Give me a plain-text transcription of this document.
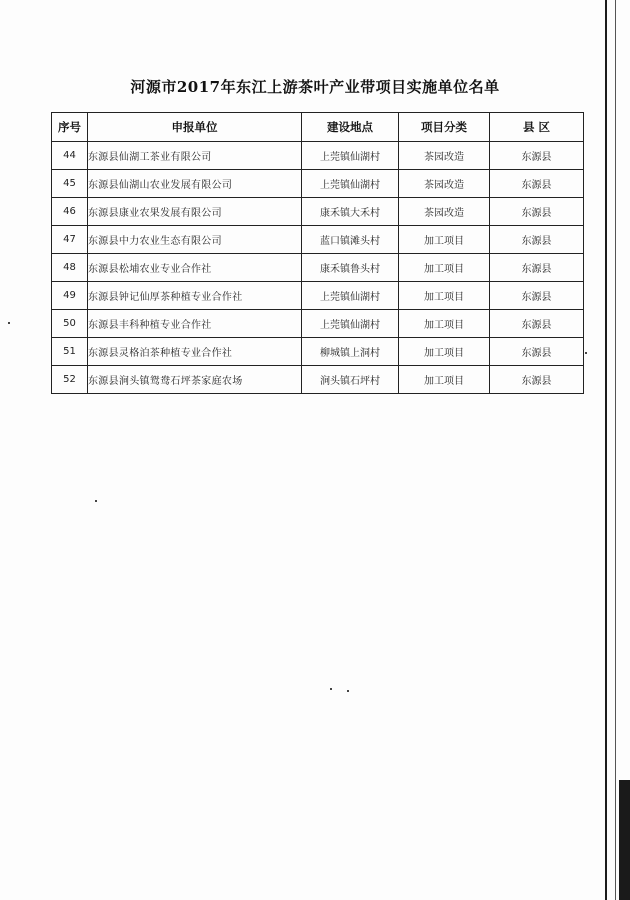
河源市2017年东江上游茶叶产业带项目实施单位名单
序号	申报单位	建设地点	项目分类	县 区
44	东源县仙湖工茶业有限公司	上莞镇仙湖村	茶园改造	东源县
45	东源县仙湖山农业发展有限公司	上莞镇仙湖村	茶园改造	东源县
46	东源县康业农果发展有限公司	康禾镇大禾村	茶园改造	东源县
47	东源县中力农业生态有限公司	蓝口镇滩头村	加工项目	东源县
48	东源县松埔农业专业合作社	康禾镇鲁头村	加工项目	东源县
49	东源县钟记仙厚茶种植专业合作社	上莞镇仙湖村	加工项目	东源县
50	东源县丰科种植专业合作社	上莞镇仙湖村	加工项目	东源县
51	东源县灵格泊茶种植专业合作社	柳城镇上洞村	加工项目	东源县
52	东源县涧头镇鸳鸯石坪茶家庭农场	涧头镇石坪村	加工项目	东源县
